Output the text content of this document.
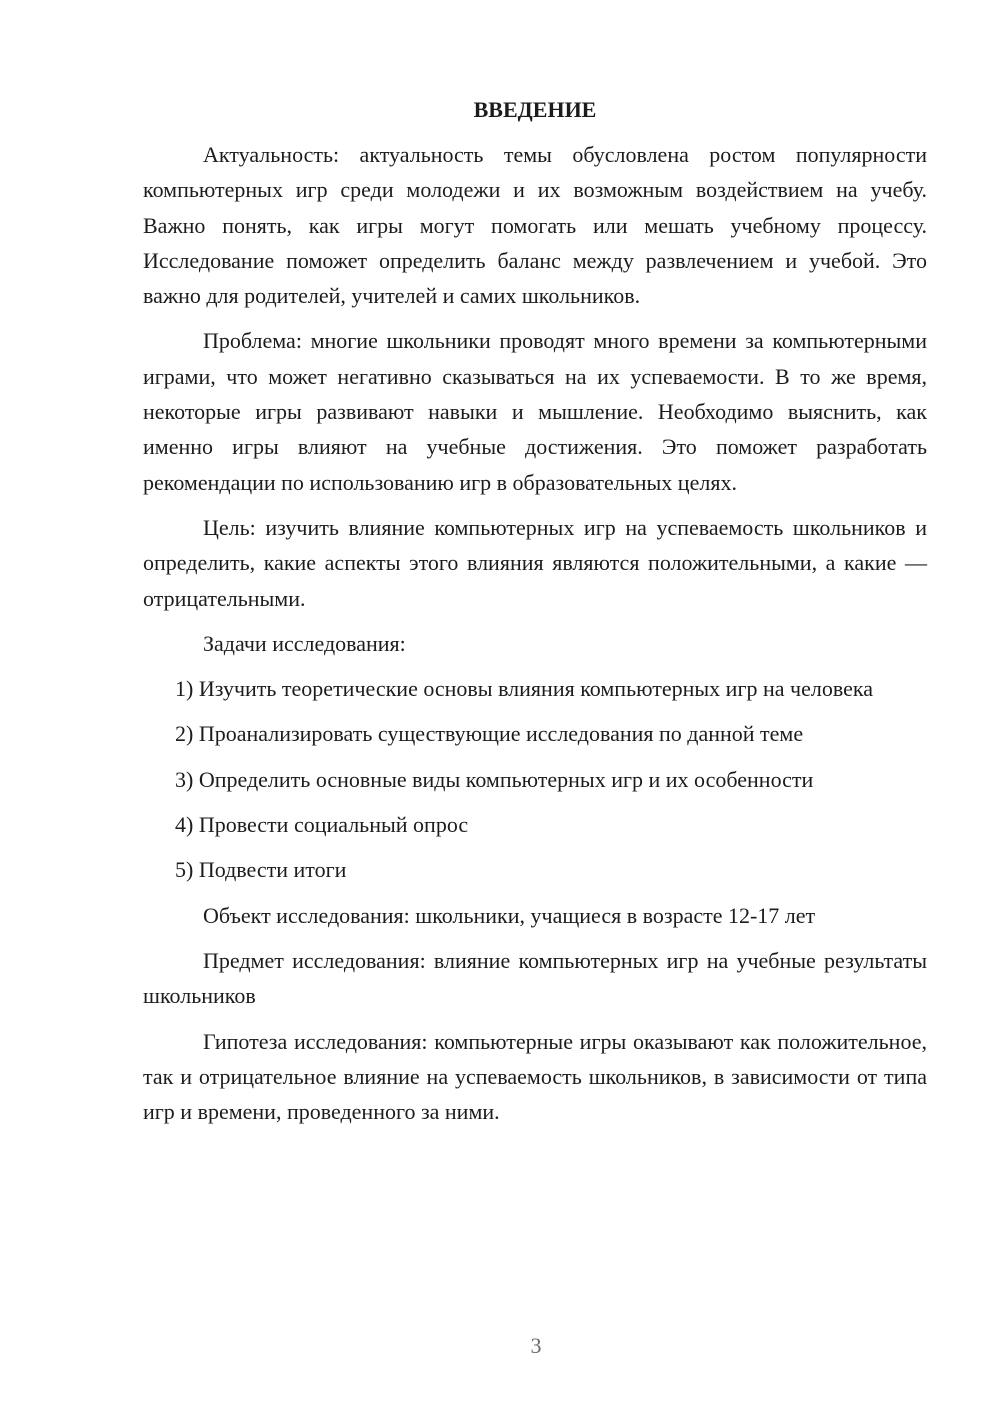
ВВЕДЕНИЕ

Актуальность: актуальность темы обусловлена ростом популярности компьютерных игр среди молодежи и их возможным воздействием на учебу. Важно понять, как игры могут помогать или мешать учебному процессу. Исследование поможет определить баланс между развлечением и учебой. Это важно для родителей, учителей и самих школьников.

Проблема: многие школьники проводят много времени за компьютерными играми, что может негативно сказываться на их успеваемости. В то же время, некоторые игры развивают навыки и мышление. Необходимо выяснить, как именно игры влияют на учебные достижения. Это поможет разработать рекомендации по использованию игр в образовательных целях.

Цель: изучить влияние компьютерных игр на успеваемость школьников и определить, какие аспекты этого влияния являются положительными, а какие — отрицательными.

Задачи исследования:

1) Изучить теоретические основы влияния компьютерных игр на человека

2) Проанализировать существующие исследования по данной теме

3) Определить основные виды компьютерных игр и их особенности

4) Провести социальный опрос

5) Подвести итоги

Объект исследования: школьники, учащиеся в возрасте 12-17 лет

Предмет исследования: влияние компьютерных игр на учебные результаты школьников

Гипотеза исследования: компьютерные игры оказывают как положительное, так и отрицательное влияние на успеваемость школьников, в зависимости от типа игр и времени, проведенного за ними.

3
